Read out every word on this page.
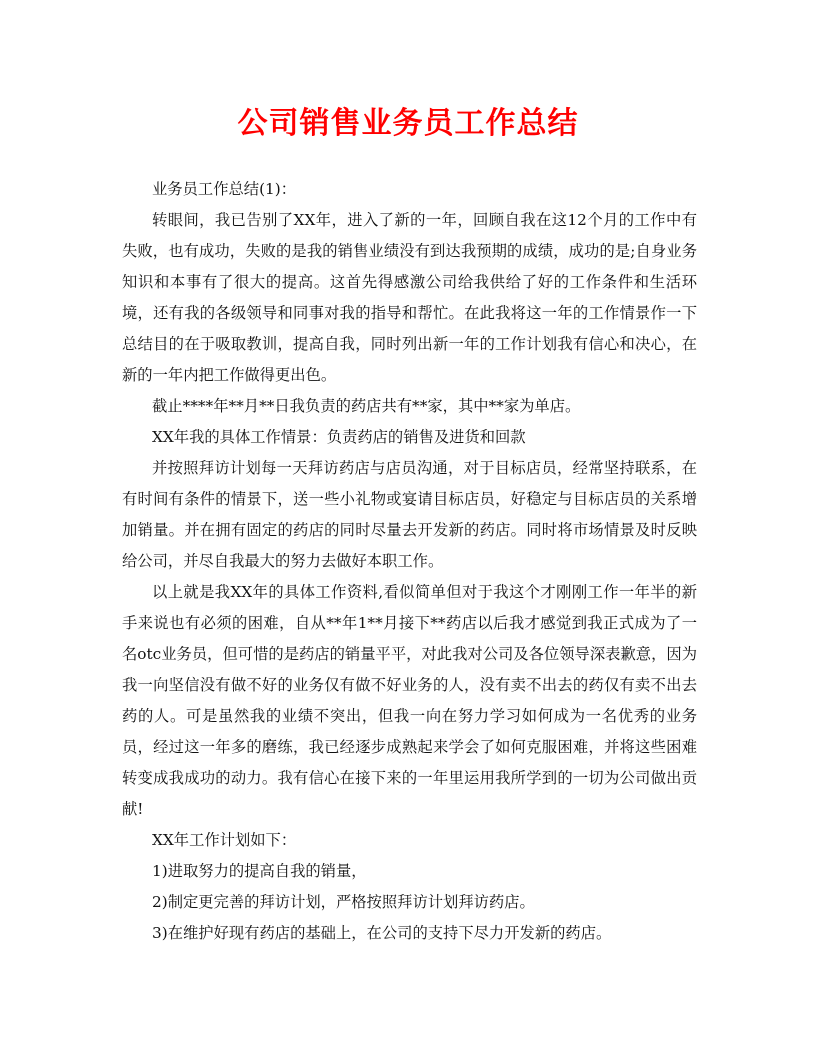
公司销售业务员工作总结

业务员工作总结(1)：

转眼间，我已告别了XX年，进入了新的一年，回顾自我在这12个月的工作中有失败，也有成功，失败的是我的销售业绩没有到达我预期的成绩，成功的是;自身业务知识和本事有了很大的提高。这首先得感激公司给我供给了好的工作条件和生活环境，还有我的各级领导和同事对我的指导和帮忙。在此我将这一年的工作情景作一下总结目的在于吸取教训，提高自我，同时列出新一年的工作计划我有信心和决心，在新的一年内把工作做得更出色。

截止****年**月**日我负责的药店共有**家，其中**家为单店。

XX年我的具体工作情景：负责药店的销售及进货和回款

并按照拜访计划每一天拜访药店与店员沟通，对于目标店员，经常坚持联系，在有时间有条件的情景下，送一些小礼物或宴请目标店员，好稳定与目标店员的关系增加销量。并在拥有固定的药店的同时尽量去开发新的药店。同时将市场情景及时反映给公司，并尽自我最大的努力去做好本职工作。

以上就是我XX年的具体工作资料,看似简单但对于我这个才刚刚工作一年半的新手来说也有必须的困难，自从**年1**月接下**药店以后我才感觉到我正式成为了一名otc业务员，但可惜的是药店的销量平平，对此我对公司及各位领导深表歉意，因为我一向坚信没有做不好的业务仅有做不好业务的人，没有卖不出去的药仅有卖不出去药的人。可是虽然我的业绩不突出，但我一向在努力学习如何成为一名优秀的业务员，经过这一年多的磨练，我已经逐步成熟起来学会了如何克服困难，并将这些困难转变成我成功的动力。我有信心在接下来的一年里运用我所学到的一切为公司做出贡献!

XX年工作计划如下：

1)进取努力的提高自我的销量，

2)制定更完善的拜访计划，严格按照拜访计划拜访药店。

3)在维护好现有药店的基础上，在公司的支持下尽力开发新的药店。
